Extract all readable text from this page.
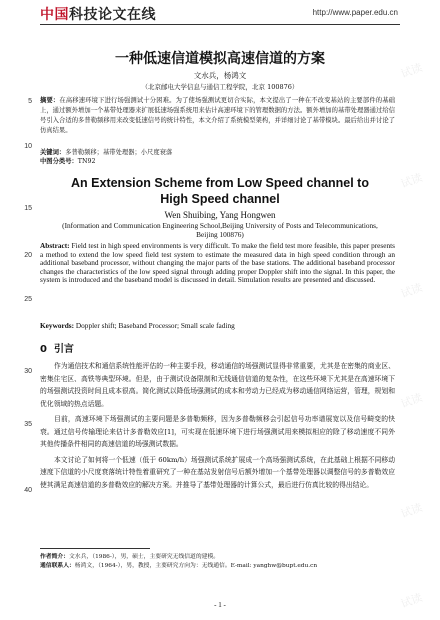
中国科技论文在线	http://www.paper.edu.cn
试读
试读
试读
试读
试读
试读
5
10
15
20
25
30
35
40
一种低速信道模拟高速信道的方案
文水兵，杨鸿文
（北京邮电大学信息与通信工程学院，北京 100876）
摘要：在高移速环境下进行场强测试十分困难。为了使场强测试更切合实际，本文提出了一种在不改变基站的主要部件的基础上，通过额外增加一个基带处理器来扩展低速场强系统用来估计高速环境下的管理数据的方法。额外增加的基带处理器通过给信号引入合适的多普勒频移用来改变低速信号的统计特性，本文介绍了系统模型架构，并详细讨论了基带模块。最后给出并讨论了仿真结果。
关键词：多普勒频移；基带处理器；小尺度衰落
中图分类号：TN92
An Extension Scheme from Low Speed channel to High Speed channel
Wen Shuibing, Yang Hongwen
(Information and Communication Engineering School,Beijing University of Posts and Telecommunications, Beijing 100876)
Abstract: Field test in high speed environments is very difficult. To make the field test more feasible, this paper presents a method to extend the low speed field test system to estimate the measured data in high speed condition through an additional baseband processor, without changing the major parts of the base stations. The additional baseband processor changes the characteristics of the low speed signal through adding proper Doppler shift into the signal. In this paper, the system is introduced and the baseband model is discussed in detail. Simulation results are presented and discussed.
Keywords: Doppler shift; Baseband Processor; Small scale fading
0 引言

作为通信技术和通信系统性能评估的一种主要手段，移动通信的场强测试显得非常重要，尤其是在密集的商业区、密集住宅区、高铁等典型环境。但是，由于测试设备限制和无线通信信道的复杂性，在这些环境下尤其是在高速环境下的场强测试投资时间且成本很高。简化测试以降低场强测试的成本和劳动力已经成为移动通信网络运营，管理，规划和优化领域的热点话题。

目前，高速环境下场强测试的主要问题是多普勒频移，因为多普勒频移会引起信号功率谱展宽以及信号畸变的快衰。通过信号传输理论来估计多普勒效应[1]，可实现在低速环境下进行场强测试用来模拟相应的除了移动速度不同外其他传播条件相同的高速信道的场强测试数据。

本文讨论了如何将一个低速（低于 60km/h）场强测试系统扩展成一个高场强测试系统，在此基础上根据不同移动速度下信道的小尺度衰落统计特性着重研究了一种在基站发射信号后额外增加一个基带处理器以调整信号的多普勒效应使其满足高速信道的多普勒效应的解决方案。并推导了基带处理器的计算公式，最后进行仿真比较的得出结论。

作者简介：文水兵，（1986-），男，硕士，主要研究无线信道的建模。
通信联系人：杨鸿文，（1964-），男，教授，主要研究方向为：无线通信。E-mail: yanghw@bupt.edu.cn
- 1 -
